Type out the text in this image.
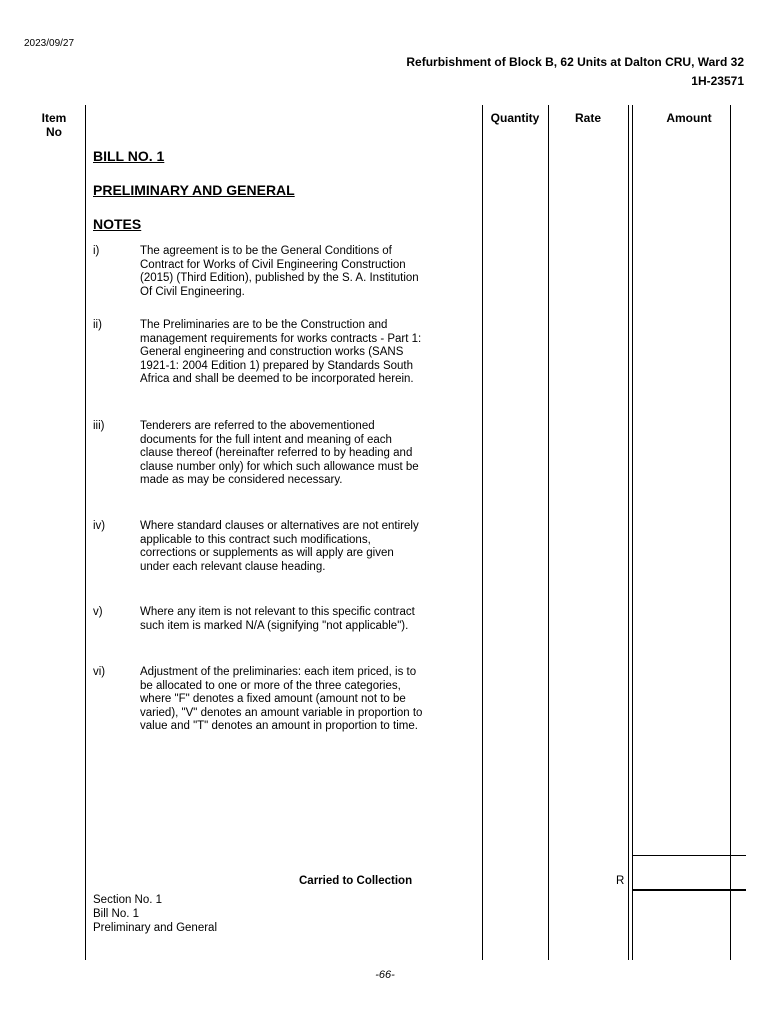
2023/09/27
Refurbishment of Block B, 62 Units at Dalton CRU, Ward 32
1H-23571
Item
No
Quantity	Rate	Amount
BILL NO. 1
PRELIMINARY AND GENERAL
NOTES
i)	The agreement is to be the General Conditions of Contract for Works of Civil Engineering Construction (2015) (Third Edition), published by the S. A. Institution Of Civil Engineering.
ii)	The Preliminaries are to be the Construction and management requirements for works contracts - Part 1: General engineering and construction works (SANS 1921-1: 2004 Edition 1) prepared by Standards South Africa and shall be deemed to be incorporated herein.
iii)	Tenderers are referred to the abovementioned documents for the full intent and meaning of each clause thereof (hereinafter referred to by heading and clause number only) for which such allowance must be made as may be considered necessary.
iv)	Where standard clauses or alternatives are not entirely applicable to this contract such modifications, corrections or supplements as will apply are given under each relevant clause heading.
v)	Where any item is not relevant to this specific contract such item is marked N/A (signifying "not applicable").
vi)	Adjustment of the preliminaries: each item priced, is to be allocated to one or more of the three categories, where "F" denotes a fixed amount (amount not to be varied), "V" denotes an amount variable in proportion to value and "T" denotes an amount in proportion to time.
Carried to Collection	R
Section No. 1
Bill No. 1
Preliminary and General
-66-
